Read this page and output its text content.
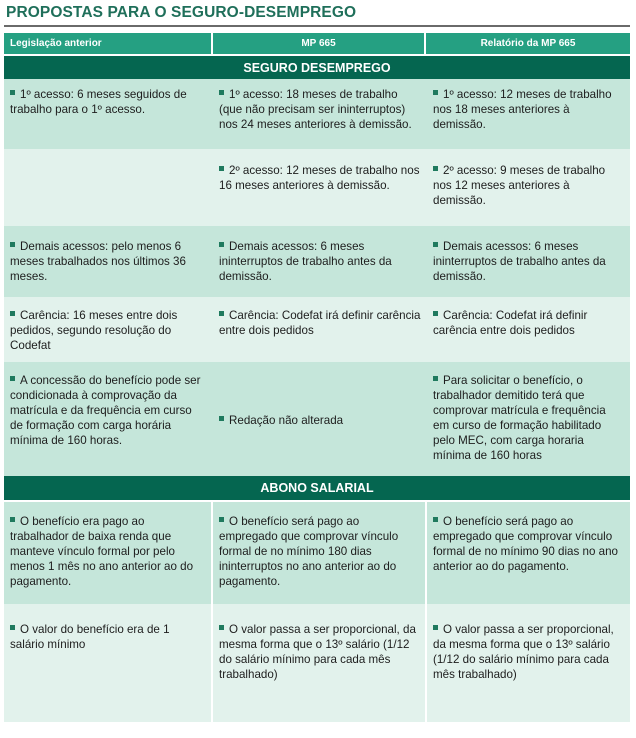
PROPOSTAS PARA O SEGURO-DESEMPREGO
Legislação anterior	MP 665	Relatório da MP 665
SEGURO DESEMPREGO
1º acesso: 6 meses seguidos de trabalho para o 1º acesso.
1º acesso: 18 meses de trabalho (que não precisam ser ininterruptos) nos 24 meses anteriores à demissão.
1º acesso: 12 meses de trabalho nos 18 meses anteriores à demissão.
2º acesso: 12 meses de trabalho nos 16 meses anteriores à demissão.
2º acesso: 9 meses de trabalho nos 12 meses anteriores à demissão.
Demais acessos: pelo menos 6 meses trabalhados nos últimos 36 meses.
Demais acessos: 6 meses ininterruptos de trabalho antes da demissão.
Demais acessos: 6 meses ininterruptos de trabalho antes da demissão.
Carência: 16 meses entre dois pedidos, segundo resolução do Codefat
Carência: Codefat irá definir carência entre dois pedidos
Carência: Codefat irá definir carência entre dois pedidos
A concessão do benefício pode ser condicionada à comprovação da matrícula e da frequência em curso de formação com carga horária mínima de 160 horas.
Redação não alterada
Para solicitar o benefício, o trabalhador demitido terá que comprovar matrícula e frequência em curso de formação habilitado pelo MEC, com carga horaria mínima de 160 horas
ABONO SALARIAL
O benefício era pago ao trabalhador de baixa renda que manteve vínculo formal por pelo menos 1 mês no ano anterior ao do pagamento.
O benefício será pago ao empregado que comprovar vínculo formal de no mínimo 180 dias ininterruptos no ano anterior ao do pagamento.
O benefício será pago ao empregado que comprovar vínculo formal de no mínimo 90 dias no ano anterior ao do pagamento.
O valor do benefício era de 1 salário mínimo
O valor passa a ser proporcional, da mesma forma que o 13º salário (1/12 do salário mínimo para cada mês trabalhado)
O valor passa a ser proporcional, da mesma forma que o 13º salário (1/12 do salário mínimo para cada mês trabalhado)
